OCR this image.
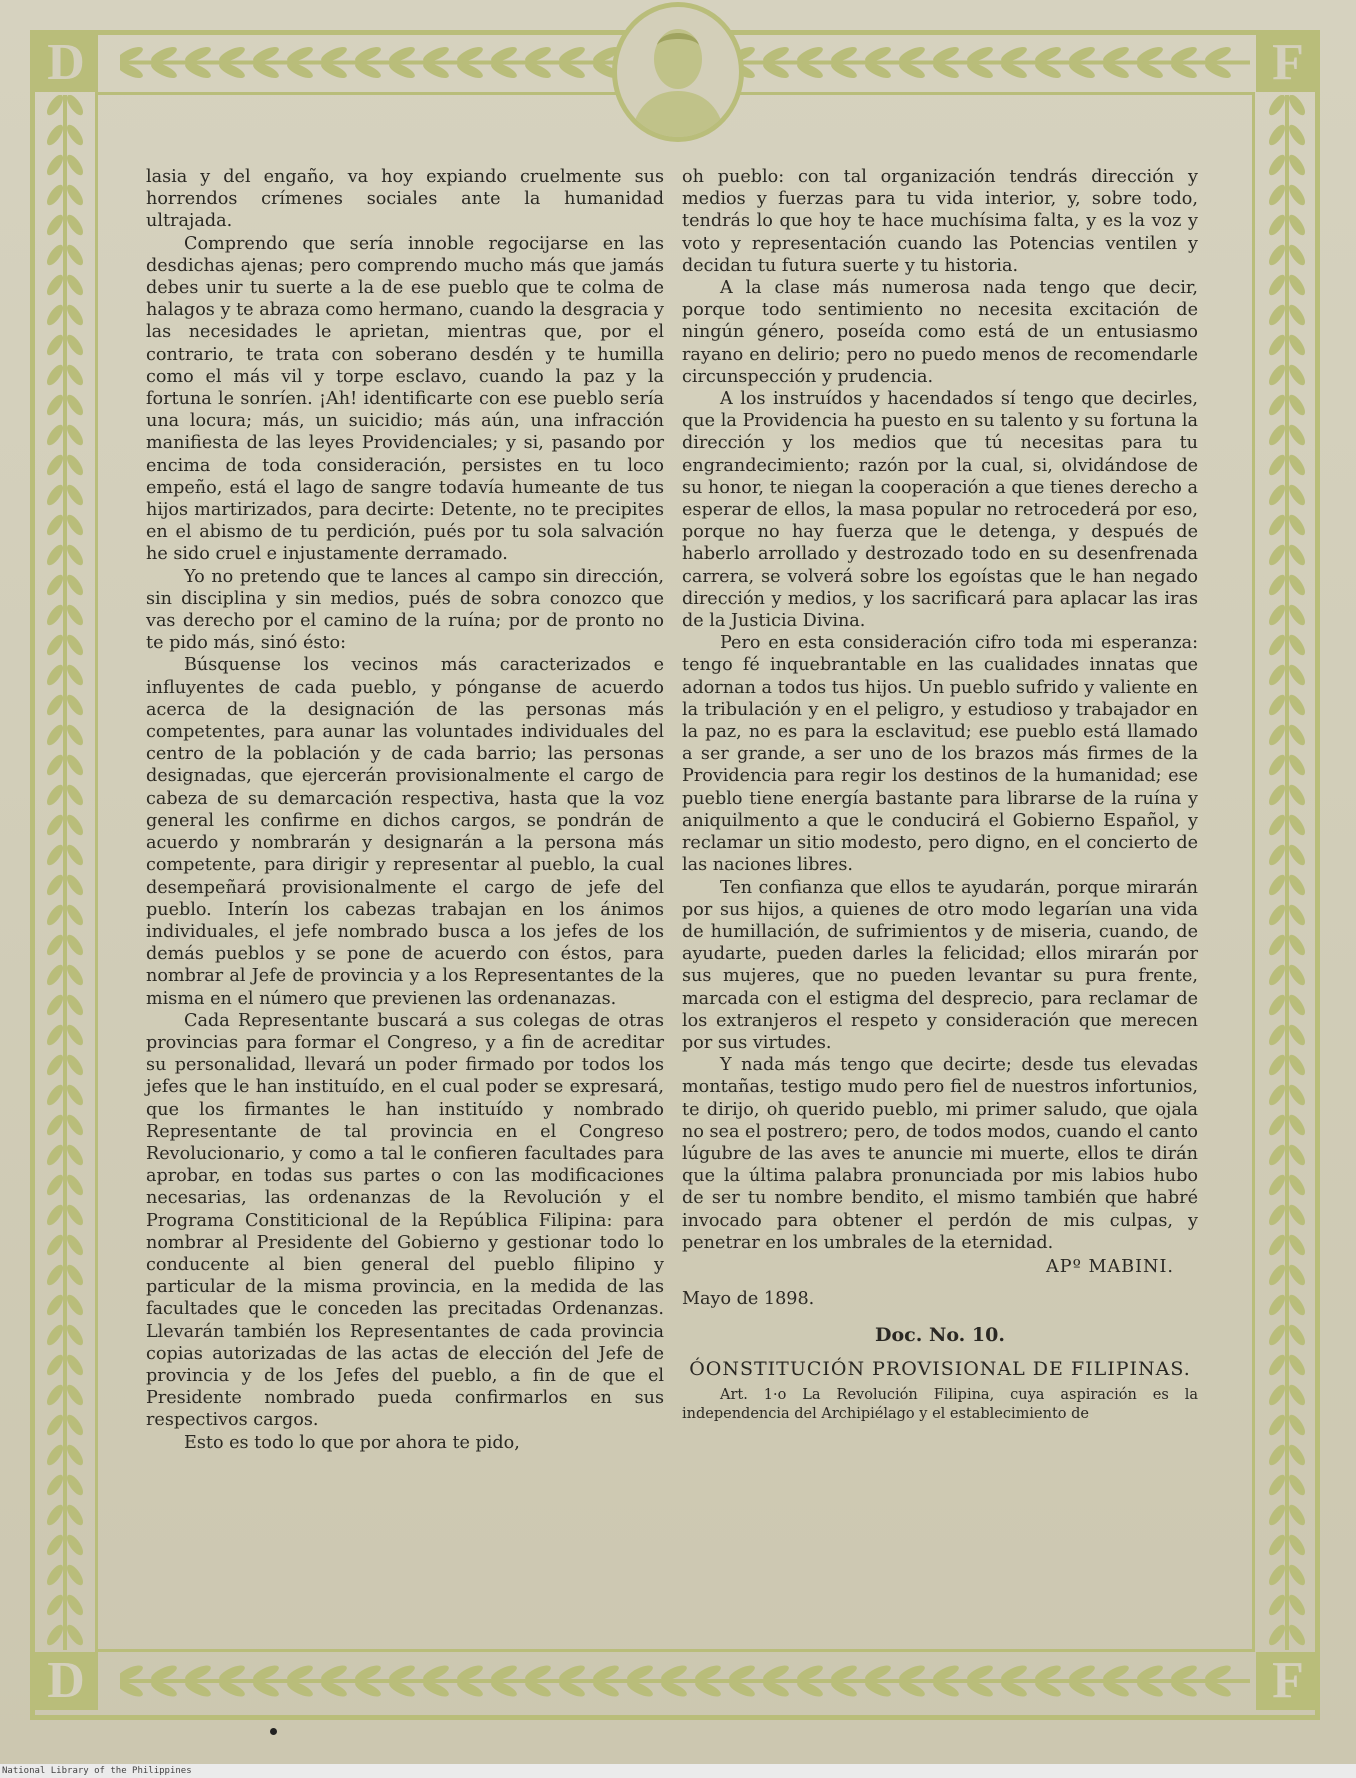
D	F
D	F

lasia y del engaño, va hoy expiando cruelmente sus horrendos crímenes sociales ante la humanidad ultrajada.

Comprendo que sería innoble regocijarse en las desdichas ajenas; pero comprendo mucho más que jamás debes unir tu suerte a la de ese pueblo que te colma de halagos y te abraza como hermano, cuando la desgracia y las necesidades le aprietan, mientras que, por el contrario, te trata con soberano desdén y te humilla como el más vil y torpe esclavo, cuando la paz y la fortuna le sonríen. ¡Ah! identificarte con ese pueblo sería una locura; más, un suicidio; más aún, una infracción manifiesta de las leyes Providenciales; y si, pasando por encima de toda consideración, persistes en tu loco empeño, está el lago de sangre todavía humeante de tus hijos martirizados, para decirte: Detente, no te precipites en el abismo de tu perdición, pués por tu sola salvación he sido cruel e injustamente derramado.

Yo no pretendo que te lances al campo sin dirección, sin disciplina y sin medios, pués de sobra conozco que vas derecho por el camino de la ruína; por de pronto no te pido más, sinó ésto:

Búsquense los vecinos más caracterizados e influyentes de cada pueblo, y pónganse de acuerdo acerca de la designación de las personas más competentes, para aunar las voluntades individuales del centro de la población y de cada barrio; las personas designadas, que ejercerán provisionalmente el cargo de cabeza de su demarcación respectiva, hasta que la voz general les confirme en dichos cargos, se pondrán de acuerdo y nombrarán y designarán a la persona más competente, para dirigir y representar al pueblo, la cual desempeñará provisionalmente el cargo de jefe del pueblo. Interín los cabezas trabajan en los ánimos individuales, el jefe nombrado busca a los jefes de los demás pueblos y se pone de acuerdo con éstos, para nombrar al Jefe de provincia y a los Representantes de la misma en el número que previenen las ordenanazas.

Cada Representante buscará a sus colegas de otras provincias para formar el Congreso, y a fin de acreditar su personalidad, llevará un poder firmado por todos los jefes que le han instituído, en el cual poder se expresará, que los firmantes le han instituído y nombrado Representante de tal provincia en el Congreso Revolucionario, y como a tal le confieren facultades para aprobar, en todas sus partes o con las modificaciones necesarias, las ordenanzas de la Revolución y el Programa Constiticional de la República Filipina: para nombrar al Presidente del Gobierno y gestionar todo lo conducente al bien general del pueblo filipino y particular de la misma provincia, en la medida de las facultades que le conceden las precitadas Ordenanzas. Llevarán también los Representantes de cada provincia copias autorizadas de las actas de elección del Jefe de provincia y de los Jefes del pueblo, a fin de que el Presidente nombrado pueda confirmarlos en sus respectivos cargos.

Esto es todo lo que por ahora te pido,

oh pueblo: con tal organización tendrás dirección y medios y fuerzas para tu vida interior, y, sobre todo, tendrás lo que hoy te hace muchísima falta, y es la voz y voto y representación cuando las Potencias ventilen y decidan tu futura suerte y tu historia.

A la clase más numerosa nada tengo que decir, porque todo sentimiento no necesita excitación de ningún género, poseída como está de un entusiasmo rayano en delirio; pero no puedo menos de recomendarle circunspección y prudencia.

A los instruídos y hacendados sí tengo que decirles, que la Providencia ha puesto en su talento y su fortuna la dirección y los medios que tú necesitas para tu engrandecimiento; razón por la cual, si, olvidándose de su honor, te niegan la cooperación a que tienes derecho a esperar de ellos, la masa popular no retrocederá por eso, porque no hay fuerza que le detenga, y después de haberlo arrollado y destrozado todo en su desenfrenada carrera, se volverá sobre los egoístas que le han negado dirección y medios, y los sacrificará para aplacar las iras de la Justicia Divina.

Pero en esta consideración cifro toda mi esperanza: tengo fé inquebrantable en las cualidades innatas que adornan a todos tus hijos. Un pueblo sufrido y valiente en la tribulación y en el peligro, y estudioso y trabajador en la paz, no es para la esclavitud; ese pueblo está llamado a ser grande, a ser uno de los brazos más firmes de la Providencia para regir los destinos de la humanidad; ese pueblo tiene energía bastante para librarse de la ruína y aniquilmento a que le conducirá el Gobierno Español, y reclamar un sitio modesto, pero digno, en el concierto de las naciones libres.

Ten confianza que ellos te ayudarán, porque mirarán por sus hijos, a quienes de otro modo legarían una vida de humillación, de sufrimientos y de miseria, cuando, de ayudarte, pueden darles la felicidad; ellos mirarán por sus mujeres, que no pueden levantar su pura frente, marcada con el estigma del desprecio, para reclamar de los extranjeros el respeto y consideración que merecen por sus virtudes.

Y nada más tengo que decirte; desde tus elevadas montañas, testigo mudo pero fiel de nuestros infortunios, te dirijo, oh querido pueblo, mi primer saludo, que ojala no sea el postrero; pero, de todos modos, cuando el canto lúgubre de las aves te anuncie mi muerte, ellos te dirán que la última palabra pronunciada por mis labios hubo de ser tu nombre bendito, el mismo también que habré invocado para obtener el perdón de mis culpas, y penetrar en los umbrales de la eternidad.

APº MABINI.

Mayo de 1898.

Doc. No. 10.

ÓONSTITUCIÓN PROVISIONAL DE FILIPINAS.

Art. 1·o La Revolución Filipina, cuya aspiración es la independencia del Archipiélago y el establecimiento de

National Library of the Philippines
